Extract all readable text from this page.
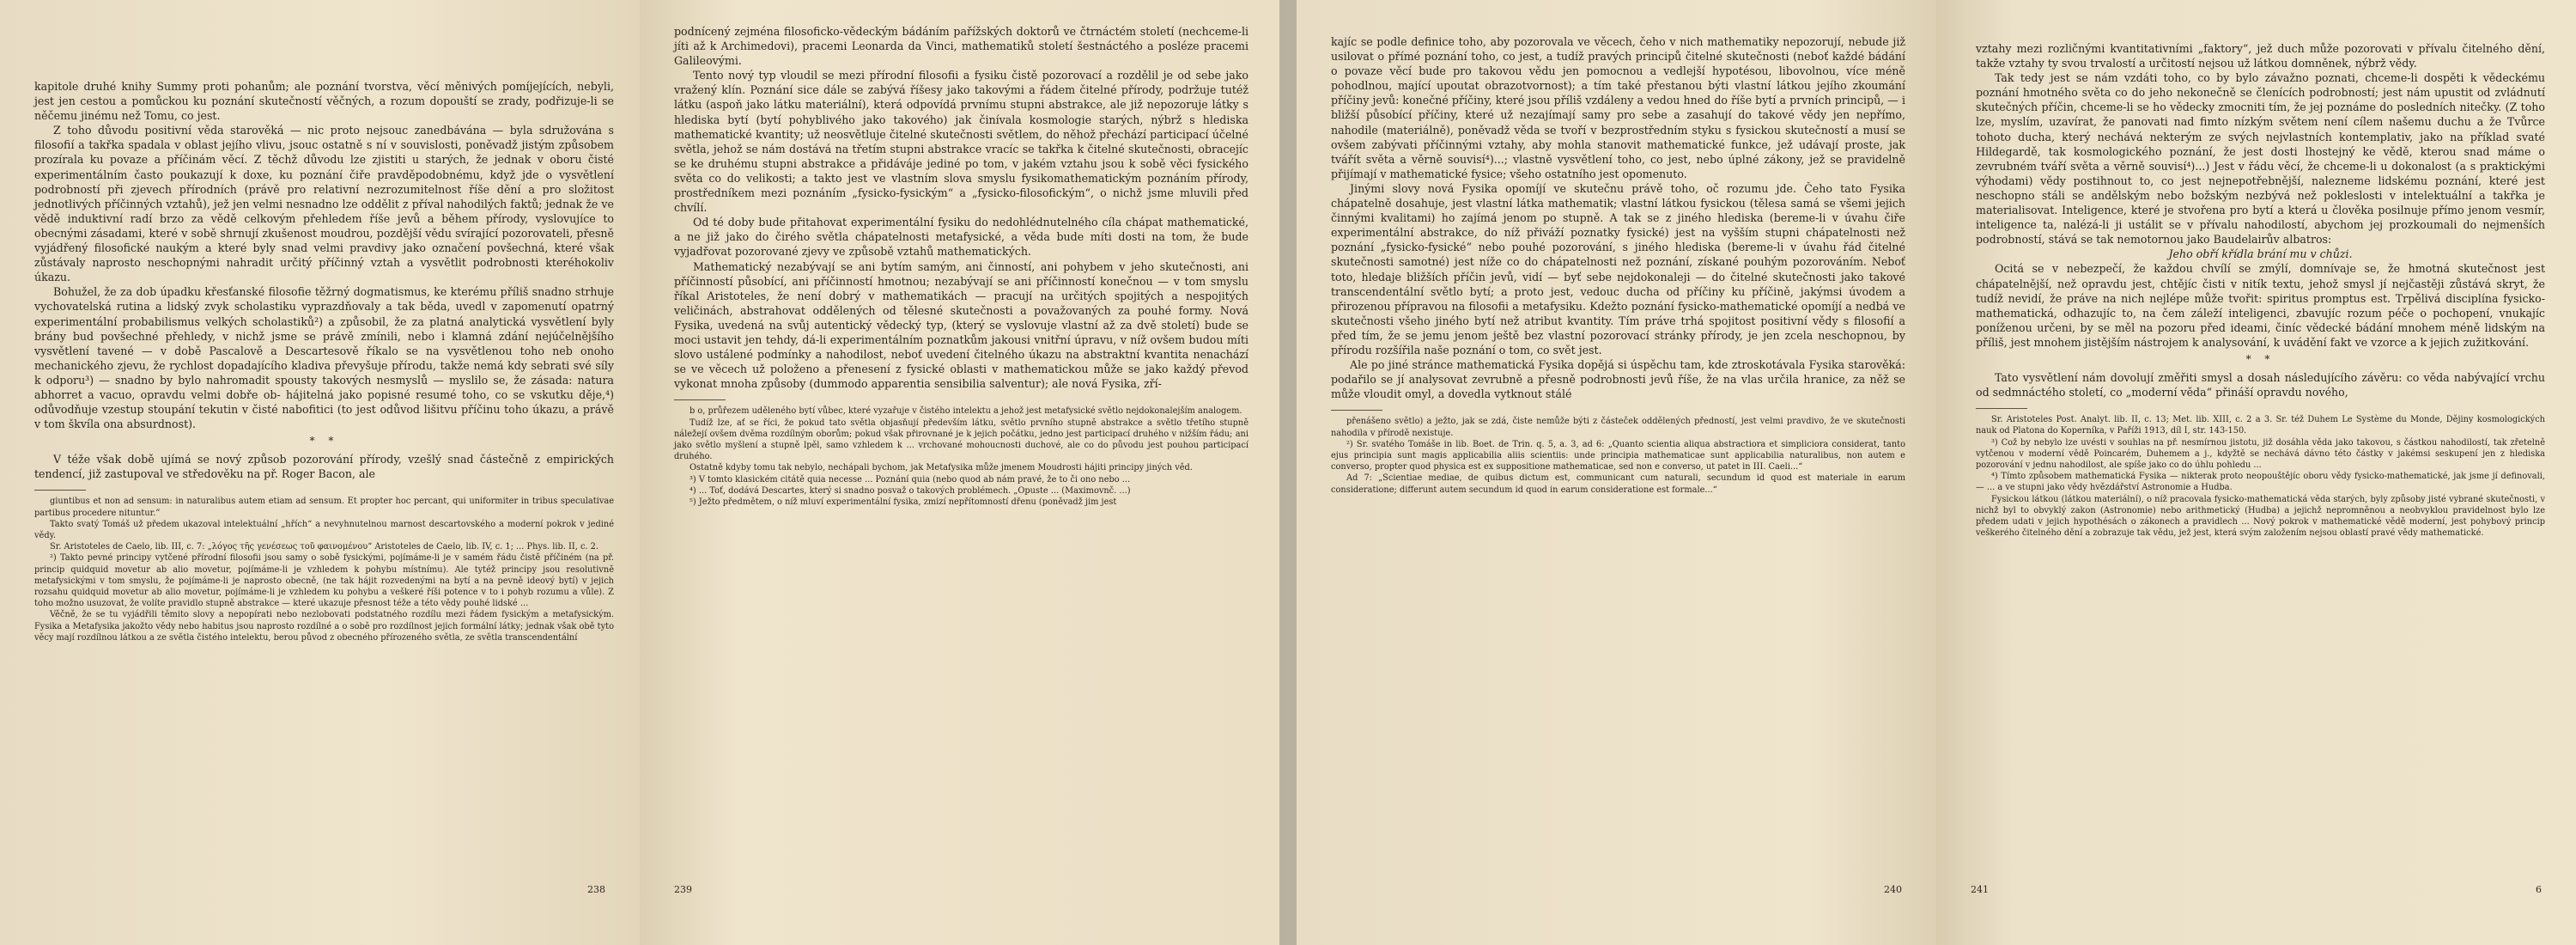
kapitole druhé knihy Summy proti pohanům; ale poznání tvorstva, věcí měnivých pomíjejících, nebyli, jest jen cestou a pomůckou ku poznání skutečností věčných, a rozum dopouští se zrady, podřizuje-li se něčemu jinému než Tomu, co jest.

Z toho důvodu positivní věda starověká — nic proto nejsouc zanedbávána — byla sdružována s filosofií a takřka spadala v oblast jejího vlivu, jsouc ostatně s ní v souvislosti, poněvadž jistým způsobem prozírala ku povaze a příčinám věcí. Z těchž důvodu lze zjistiti u starých, že jednak v oboru čisté experimentálním často poukazují k doxe, ku poznání čiře pravděpodobnému, když jde o vysvětlení podrobností při zjevech přírodních (právě pro relativní nezrozumitelnost říše dění a pro složitost jednotlivých příčinných vztahů), jež jen velmi nesnadno lze oddělit z příval nahodilých faktů; jednak že ve vědě induktivní radí brzo za vědě celkovým přehledem říše jevů a během přírody, vyslovujíce to obecnými zásadami, které v sobě shrnují zkušenost moudrou, pozdější vědu svírající pozorovateli, přesně vyjádřený filosofické naukým a které byly snad velmi pravdivy jako označení povšechná, které však zůstávaly naprosto neschopnými nahradit určitý příčinný vztah a vysvětlit podrobnosti kteréhokoliv úkazu.

Bohužel, že za dob úpadku křesťanské filosofie těžrný dogmatismus, ke kterému příliš snadno strhuje vychovatelská rutina a lidský zvyk scholastiku vyprazdňovaly a tak běda, uvedl v zapomenutí opatrný experimentální probabilismus velkých scholastiků²) a způsobil, že za platná analytická vysvětlení byly brány bud povšechné přehledy, v nichž jsme se právě zmínili, nebo i klamná zdání nejúčelnějšího vysvětlení tavené — v době Pascalově a Descartesově říkalo se na vysvětlenou toho neb onoho mechanického zjevu, že rychlost dopadajícího kladiva převyšuje přírodu, takže nemá kdy sebrati své síly k odporu³) — snadno by bylo nahromadit spousty takových nesmyslů — myslilo se, že zásada: natura abhorret a vacuo, opravdu velmi dobře ob- hájitelná jako popisné resumé toho, co se vskutku děje,⁴) odůvodňuje vzestup stoupání tekutin v čisté nabofitici (to jest odůvod lišitvu příčinu toho úkazu, a právě v tom škvíla ona absurdnost).

* *

V téže však době ujímá se nový způsob pozorování přírody, vzešlý snad částečně z empirických tendencí, již zastupoval ve středověku na př. Roger Bacon, ale

giuntibus et non ad sensum: in naturalibus autem etiam ad sensum. Et propter hoc percant, qui uniformiter in tribus speculativae partibus procedere nituntur.”

Takto svatý Tomáš už předem ukazoval intelektuální „hřích“ a nevyhnutelnou marnost descartovského a moderní pokrok v jediné vědy.

Sr. Aristoteles de Caelo, lib. III, c. 7: „λόγος τῆς γενέσεως τοῦ φαινομένου“ Aristoteles de Caelo, lib. IV, c. 1; ... Phys. lib. II, c. 2.

²) Takto pevné principy vytčené přírodní filosofii jsou samy o sobě fysickými, pojímáme-li je v samém řádu čistě příčiném (na př. princip quidquid movetur ab alio movetur, pojímáme-li je vzhledem k pohybu místnímu). Ale tytéž principy jsou resolutivně metafysickými v tom smyslu, že pojímáme-li je naprosto obecně, (ne tak hájit rozvedenými na bytí a na pevně ideový bytí) v jejich rozsahu quidquid movetur ab alio movetur, pojímáme-li je vzhledem ku pohybu a veškeré říši potence v to i pohyb rozumu a vůle). Z toho možno usuzovat, že volíte pravidlo stupně abstrakce — které ukazuje přesnost téže a této vědy pouhé lidské ...

Věčně, že se tu vyjádřili těmito slovy a nepopírati nebo nezlobovati podstatného rozdílu mezi řádem fysickým a metafysickým. Fysika a Metafysika jakožto vědy nebo habitus jsou naprosto rozdílné a o sobě pro rozdílnost jejich formální látky; jednak však obě tyto věcy mají rozdílnou látkou a ze světla čistého intelektu, berou původ z obecného přírozeného světla, ze světla transcendentální

238

podnícený zejména filosoficko-vědeckým bádáním pařížských doktorů ve čtrnáctém století (nechceme-li jíti až k Archimedovi), pracemi Leonarda da Vinci, mathematiků století šestnáctého a posléze pracemi Galileovými.

Tento nový typ vloudil se mezi přírodní filosofii a fysiku čistě pozorovací a rozdělil je od sebe jako vražený klín. Poznání sice dále se zabývá říšesy jako takovými a řádem čitelné přírody, podržuje tutéž látku (aspoň jako látku materiální), která odpovídá prvnímu stupni abstrakce, ale již nepozoruje látky s hlediska bytí (bytí pohyblivého jako takového) jak činívala kosmologie starých, nýbrž s hlediska mathematické kvantity; už neosvětluje čitelné skutečnosti světlem, do něhož přechází participací účelné světla, jehož se nám dostává na třetím stupni abstrakce vracíc se takřka k čitelné skutečnosti, obracejíc se ke druhému stupni abstrakce a přidáváje jediné po tom, v jakém vztahu jsou k sobě věci fysického světa co do velikosti; a takto jest ve vlastním slova smyslu fysikomathematickým poznáním přírody, prostředníkem mezi poznáním „fysicko-fysickým“ a „fysicko-filosofickým“, o nichž jsme mluvili před chvílí.

Od té doby bude přitahovat experimentální fysiku do nedohlédnutelného cíla chápat mathematické, a ne již jako do čirého světla chápatelnosti metafysické, a věda bude míti dosti na tom, že bude vyjadřovat pozorované zjevy ve způsobě vztahů mathematických.

Mathematický nezabývají se ani bytím samým, ani činností, ani pohybem v jeho skutečnosti, ani příčinností působící, ani příčinností hmotnou; nezabývají se ani příčinností konečnou — v tom smyslu říkal Aristoteles, že není dobrý v mathematikách — pracují na určitých spojitých a nespojitých veličinách, abstrahovat oddělených od tělesné skutečnosti a považovaných za pouhé formy. Nová Fysika, uvedená na svůj autentický vědecký typ, (který se vyslovuje vlastní až za dvě století) bude se moci ustavit jen tehdy, dá-li experimentálním poznatkům jakousi vnitřní úpravu, v níž ovšem budou míti slovo ustálené podmínky a nahodilost, neboť uvedení čitelného úkazu na abstraktní kvantita nenachází se ve věcech už položeno a přenesení z fysické oblasti v mathematickou může se jako každý převod vykonat mnoha způsoby (dummodo apparentia sensibilia salventur); ale nová Fysika, zří-

b o, průřezem uděleného bytí vůbec, které vyzařuje v čistého intelektu a jehož jest metafysické světlo nejdokonalejším analogem.

Tudíž lze, ať se říci, že pokud tato světla objasňují především látku, světlo prvního stupně abstrakce a světlo třetího stupně náležejí ovšem dvěma rozdílným oborům; pokud však přirovnané je k jejich počátku, jedno jest participací druhého v nižším řádu; ani jako světlo myšlení a stupně lpěl, samo vzhledem k ... vrchované mohoucnosti duchové, ale co do původu jest pouhou participací druhého.

Ostatně kdyby tomu tak nebylo, nechápali bychom, jak Metafysika může jmenem Moudrosti hájiti principy jiných věd.

³) V tomto klasickém citátě quia necesse ... Poznání quia (nebo quod ab nám pravé, že to či ono nebo ...

⁴) ... Toť, dodává Descartes, který si snadno posvaž o takových problémech. „Opuste ... (Maximovnč. ...)

⁵) Ježto předmětem, o níž mluví experimentální fysika, zmizí nepřítomností dřenu (poněvadž jim jest

239

kajíc se podle definice toho, aby pozorovala ve věcech, čeho v nich mathematiky nepozorují, nebude již usilovat o přímé poznání toho, co jest, a tudíž pravých principů čitelné skutečnosti (neboť každé bádání o povaze věcí bude pro takovou vědu jen pomocnou a vedlejší hypotésou, libovolnou, více méně pohodlnou, mající upoutat obrazotvornost); a tím také přestanou býti vlastní látkou jejího zkoumání příčiny jevů: konečné příčiny, které jsou příliš vzdáleny a vedou hned do říše bytí a prvních principů, — i bližší působící příčiny, které už nezajímají samy pro sebe a zasahují do takové vědy jen nepřímo, nahodile (materiálně), poněvadž věda se tvoří v bezprostředním styku s fysickou skutečností a musí se ovšem zabývati příčinnými vztahy, aby mohla stanovit mathematické funkce, jež udávají proste, jak tvářít světa a věrně souvisí⁴)...; vlastně vysvětlení toho, co jest, nebo úplné zákony, jež se pravidelně přijímají v mathematické fysice; všeho ostatního jest opomenuto.

Jinými slovy nová Fysika opomíjí ve skutečnu právě toho, oč rozumu jde. Čeho tato Fysika chápatelně dosahuje, jest vlastní látka mathematik; vlastní látkou fysickou (tělesa samá se všemi jejich činnými kvalitami) ho zajímá jenom po stupně. A tak se z jiného hlediska (bereme-li v úvahu čiře experimentální abstrakce, do níž přiváží poznatky fysické) jest na vyšším stupni chápatelnosti než poznání „fysicko-fysické“ nebo pouhé pozorování, s jiného hlediska (bereme-li v úvahu řád čitelné skutečnosti samotné) jest níže co do chápatelnosti než poznání, získané pouhým pozorováním. Neboť toto, hledaje bližších příčin jevů, vidí — byť sebe nejdokonaleji — do čitelné skutečnosti jako takové transcendentální světlo bytí; a proto jest, vedouc ducha od příčiny ku příčině, jakýmsi úvodem a přirozenou přípravou na filosofii a metafysiku. Kdežto poznání fysicko-mathematické opomíjí a nedbá ve skutečnosti všeho jiného bytí než atribut kvantity. Tím práve trhá spojitost positivní vědy s filosofií a před tím, že se jemu jenom ještě bez vlastní pozorovací stránky přírody, je jen zcela neschopnou, by přírodu rozšířila naše poznání o tom, co svět jest.

Ale po jiné stránce mathematická Fysika dopějá si úspěchu tam, kde ztroskotávala Fysika starověká: podařilo se jí analysovat zevrubně a přesně podrobnosti jevů říše, že na vlas určila hranice, za něž se může vloudit omyl, a dovedla vytknout stálé

přenášeno světlo) a ježto, jak se zdá, čiste nemůže býti z částeček oddělených předností, jest velmi pravdivo, že ve skutečnosti nahodila v přírodě nexistuje.

²) Sr. svatého Tomáše in lib. Boet. de Trin. q. 5, a. 3, ad 6: „Quanto scientia aliqua abstractiora et simpliciora considerat, tanto ejus principia sunt magis applicabilia aliis scientiis: unde principia mathematicae sunt applicabilia naturalibus, non autem e converso, propter quod physica est ex suppositione mathematicae, sed non e converso, ut patet in III. Caeli...“

Ad 7: „Scientiae mediae, de quibus dictum est, communicant cum naturali, secundum id quod est materiale in earum consideratione; differunt autem secundum id quod in earum consideratione est formale...“

240

vztahy mezi rozličnými kvantitativními „faktory“, jež duch může pozorovati v přívalu čitelného dění, takže vztahy ty svou trvalostí a určitostí nejsou už látkou domněnek, nýbrž vědy.

Tak tedy jest se nám vzdáti toho, co by bylo závažno poznati, chceme-li dospěti k vědeckému poznání hmotného světa co do jeho nekonečně se členících podrobností; jest nám upustit od zvládnutí skutečných příčin, chceme-li se ho vědecky zmocniti tím, že jej poznáme do posledních nitečky. (Z toho lze, myslím, uzavírat, že panovati nad fimto nízkým světem není cílem našemu duchu a že Tvůrce tohoto ducha, který nechává nekterým ze svých nejvlastních kontemplativ, jako na příklad svaté Hildegardě, tak kosmologického poznání, že jest dosti lhostejný ke vědě, kterou snad máme o zevrubném tváří světa a věrně souvisí⁴)...) Jest v řádu věcí, že chceme-li u dokonalost (a s praktickými výhodami) vědy postihnout to, co jest nejnepotřebnější, nalezneme lidskému poznání, které jest neschopno stáli se andělským nebo božským nezbývá než pokleslosti v intelektuální a takřka je materialisovat. Inteligence, které je stvořena pro bytí a která u člověka posilnuje přímo jenom vesmír, inteligence ta, nalézá-li ji ustálit se v přívalu nahodilostí, abychom jej prozkoumali do nejmenších podrobností, stává se tak nemotornou jako Baudelairův albatros:

Jeho obří křídla brání mu v chůzi.

Ocitá se v nebezpečí, že každou chvílí se zmýlí, domnívaje se, že hmotná skutečnost jest chápatelnější, než opravdu jest, chtějíc čisti v nitík textu, jehož smysl jí nejčastěji zůstává skryt, že tudíž nevidí, že práve na nich nejlépe může tvořit: spiritus promptus est. Trpělivá disciplína fysicko-mathematická, odhazujíc to, na čem záleží inteligenci, zbavujíc rozum péče o pochopení, vnukajíc poníženou určeni, by se měl na pozoru před ideami, činíc vědecké bádání mnohem méně lidským na příliš, jest mnohem jistějším nástrojem k analysování, k uvádění fakt ve vzorce a k jejich zužitkování.

* *

Tato vysvětlení nám dovolují změřiti smysl a dosah následujícího závěru: co věda nabývající vrchu od sedmnáctého století, co „moderní věda“ přináší opravdu nového,

Sr. Aristoteles Post. Analyt. lib. II, c. 13; Met. lib. XIII, c. 2 a 3. Sr. též Duhem Le Système du Monde, Dějiny kosmologických nauk od Platona do Koperníka, v Paříži 1913, díl I, str. 143-150.

³) Což by nebylo lze uvésti v souhlas na př. nesmírnou jistotu, již dosáhla věda jako takovou, s částkou nahodilostí, tak zřetelně vytčenou v moderní vědě Poincarém, Duhemem a j., kdyžtě se nechává dávno této částky v jakémsi seskupení jen z hlediska pozorování v jednu nahodilost, ale spíše jako co do úhlu pohledu ...

⁴) Tímto způsobem mathematická Fysika — nikterak proto neopouštějíc oboru vědy fysicko-mathematické, jak jsme jí definovali, — ... a ve stupni jako vědy hvězdářství Astronomie a Hudba.

Fysickou látkou (látkou materiální), o níž pracovala fysicko-mathematická věda starých, byly způsoby jisté vybrané skutečnosti, v nichž byl to obvyklý zakon (Astronomie) nebo arithmetický (Hudba) a jejichž nepromněnou a neobvyklou pravidelnost bylo lze předem udati v jejich hypothésách o zákonech a pravidlech ... Nový pokrok v mathematické vědě moderní, jest pohybový princip veškerého čitelného dění a zobrazuje tak vědu, jež jest, která svým založením nejsou oblastí pravé vědy mathematické.

241	6
